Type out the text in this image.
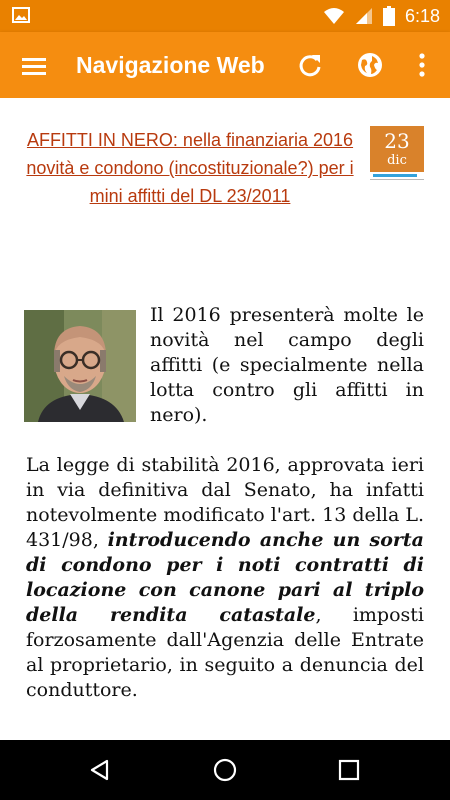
6:18
Navigazione Web
AFFITTI IN NERO: nella finanziaria 2016 novità e condono (incostituzionale?) per i mini affitti del DL 23/2011
23
dic
Il 2016 presenterà molte le novità nel campo degli affitti (e specialmente nella lotta contro gli affitti in nero).
La legge di stabilità 2016, approvata ieri in via definitiva dal Senato, ha infatti notevolmente modificato l'art. 13 della L. 431/98, introducendo anche un sorta di condono per i noti contratti di locazione con canone pari al triplo della rendita catastale, imposti forzosamente dall'Agenzia delle Entrate al proprietario, in seguito a denuncia del conduttore.
